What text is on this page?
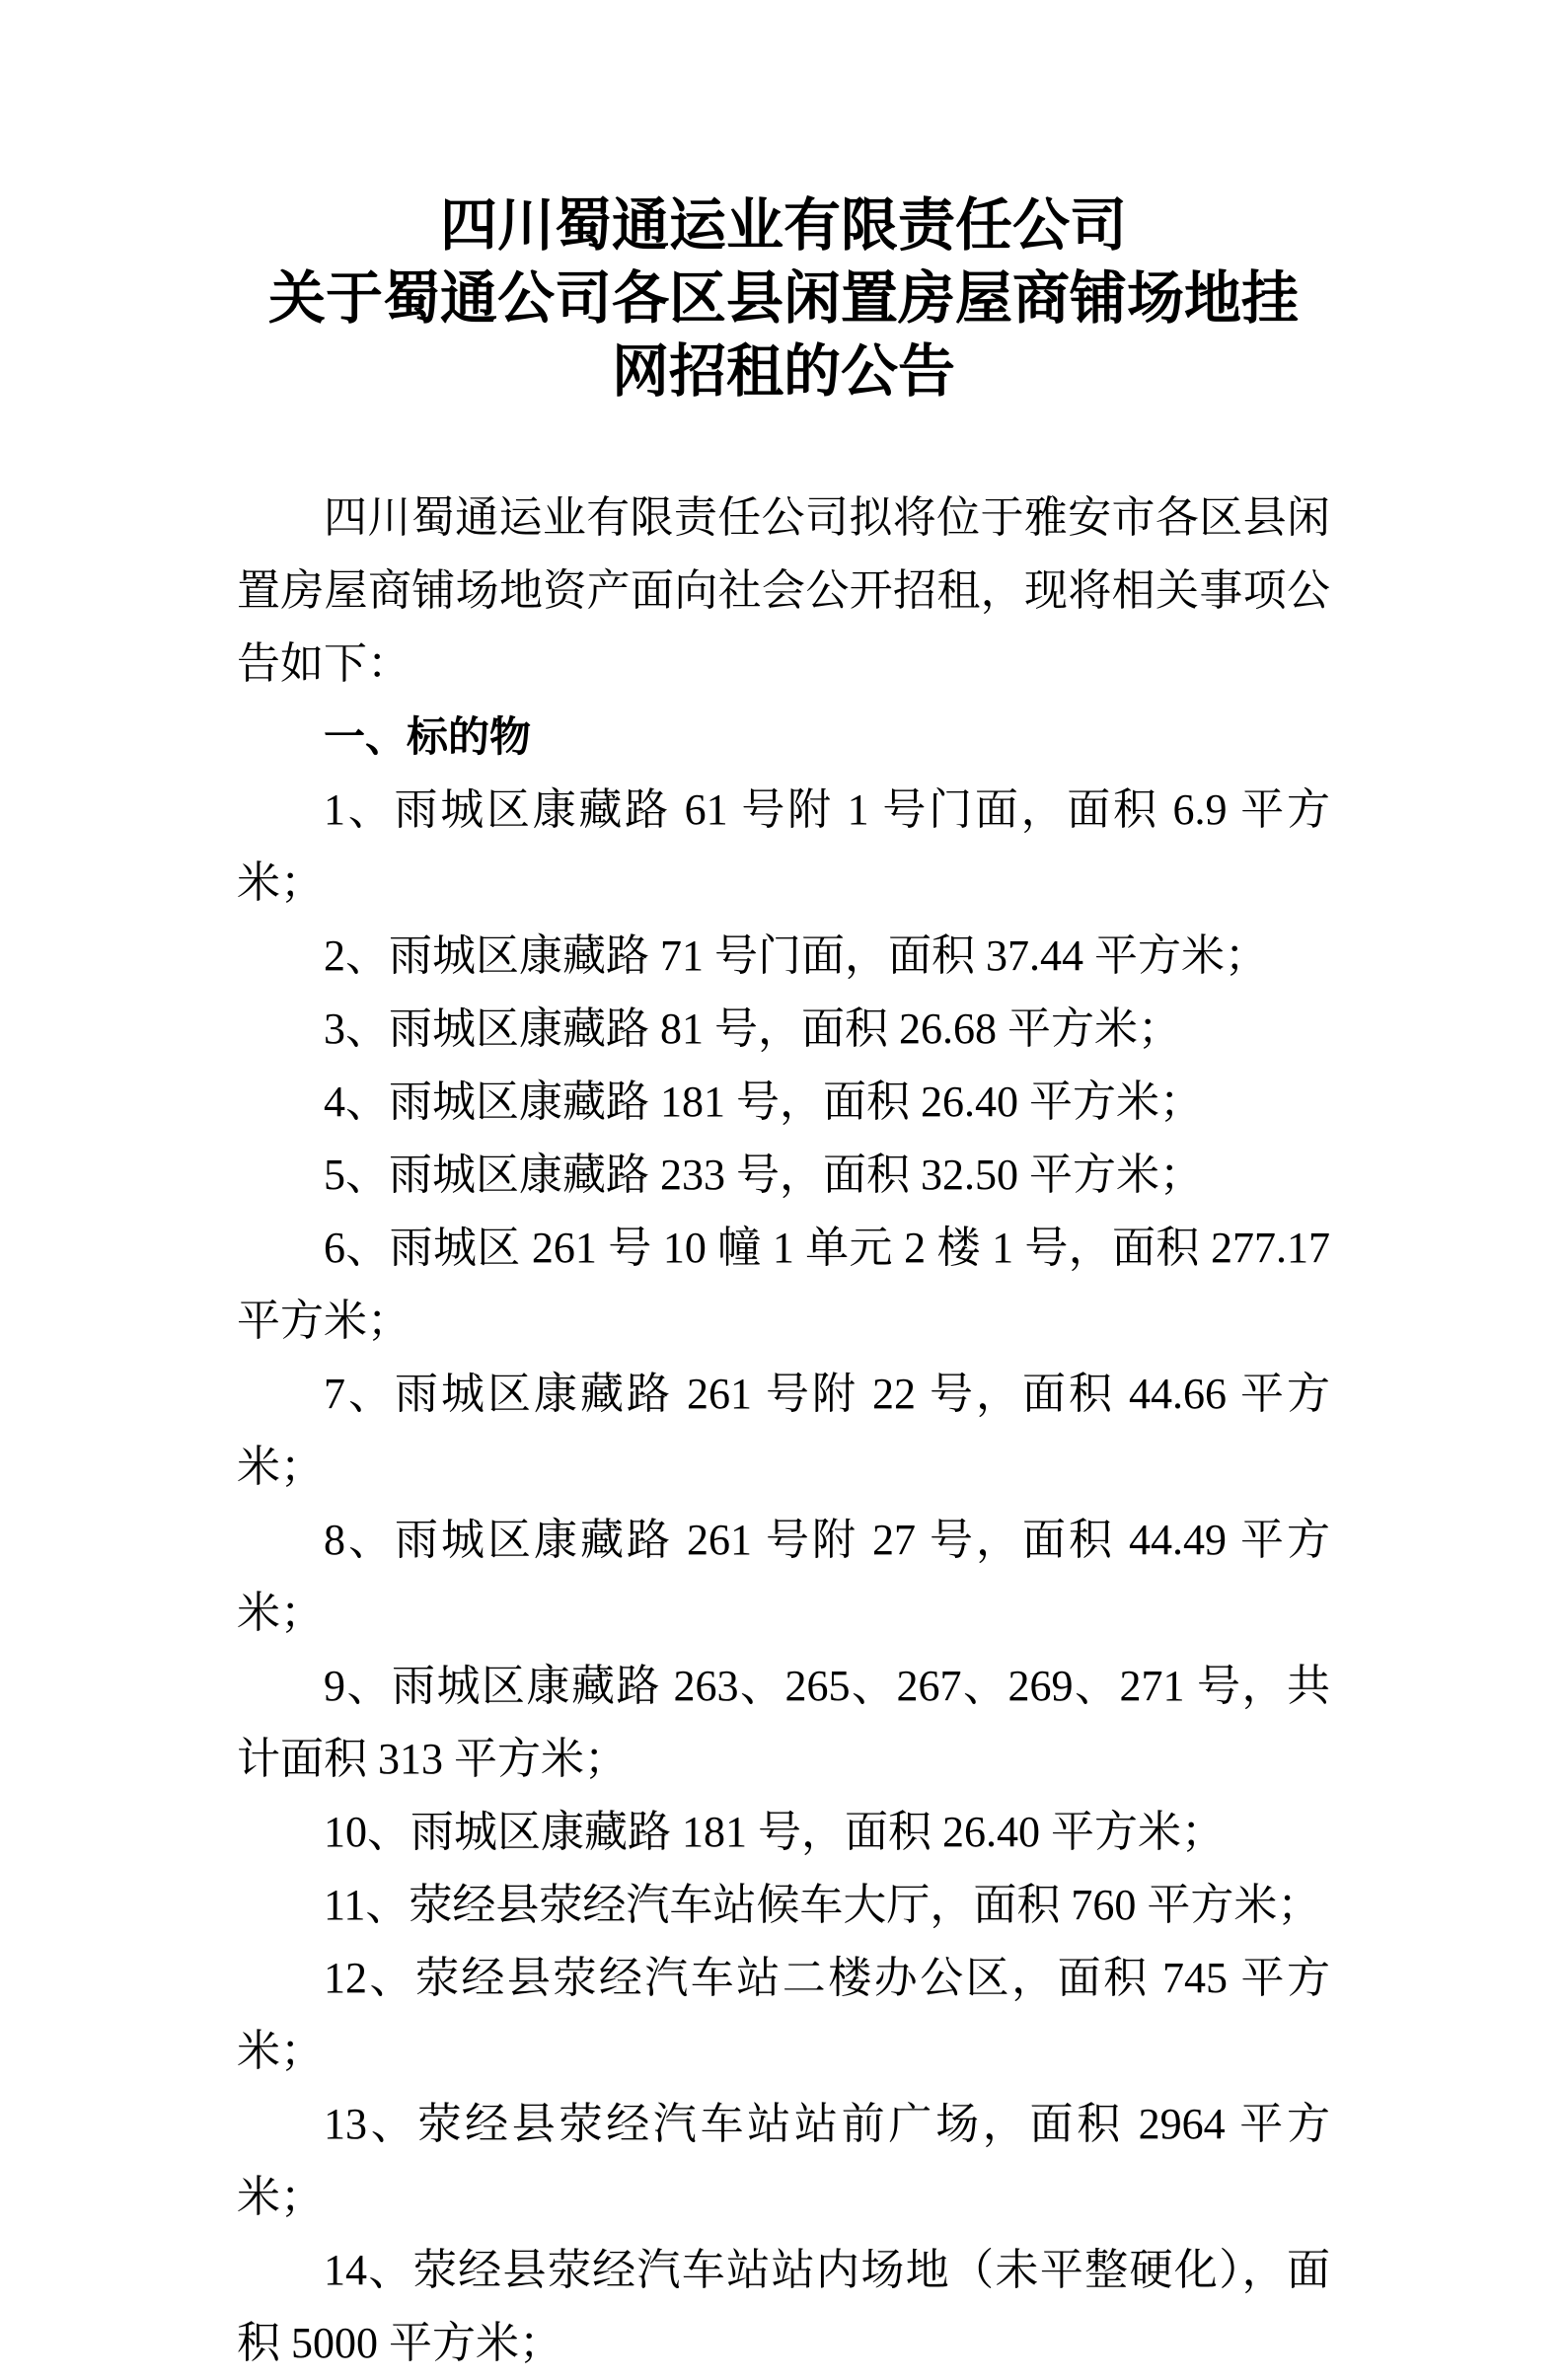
四川蜀通运业有限责任公司
关于蜀通公司各区县闲置房屋商铺场地挂
网招租的公告

四川蜀通运业有限责任公司拟将位于雅安市各区县闲置房屋商铺场地资产面向社会公开招租，现将相关事项公告如下：

一、标的物

1、雨城区康藏路 61 号附 1 号门面，面积 6.9 平方米；

2、雨城区康藏路 71 号门面，面积 37.44 平方米；

3、雨城区康藏路 81 号，面积 26.68 平方米；

4、雨城区康藏路 181 号，面积 26.40 平方米；

5、雨城区康藏路 233 号，面积 32.50 平方米；

6、雨城区 261 号 10 幢 1 单元 2 楼 1 号，面积 277.17 平方米；

7、雨城区康藏路 261 号附 22 号，面积 44.66 平方米；

8、雨城区康藏路 261 号附 27 号，面积 44.49 平方米；

9、雨城区康藏路 263、265、267、269、271 号，共计面积 313 平方米；

10、雨城区康藏路 181 号，面积 26.40 平方米；

11、荥经县荥经汽车站候车大厅，面积 760 平方米；

12、荥经县荥经汽车站二楼办公区，面积 745 平方米；

13、荥经县荥经汽车站站前广场，面积 2964 平方米；

14、荥经县荥经汽车站站内场地（未平整硬化），面积 5000 平方米；
